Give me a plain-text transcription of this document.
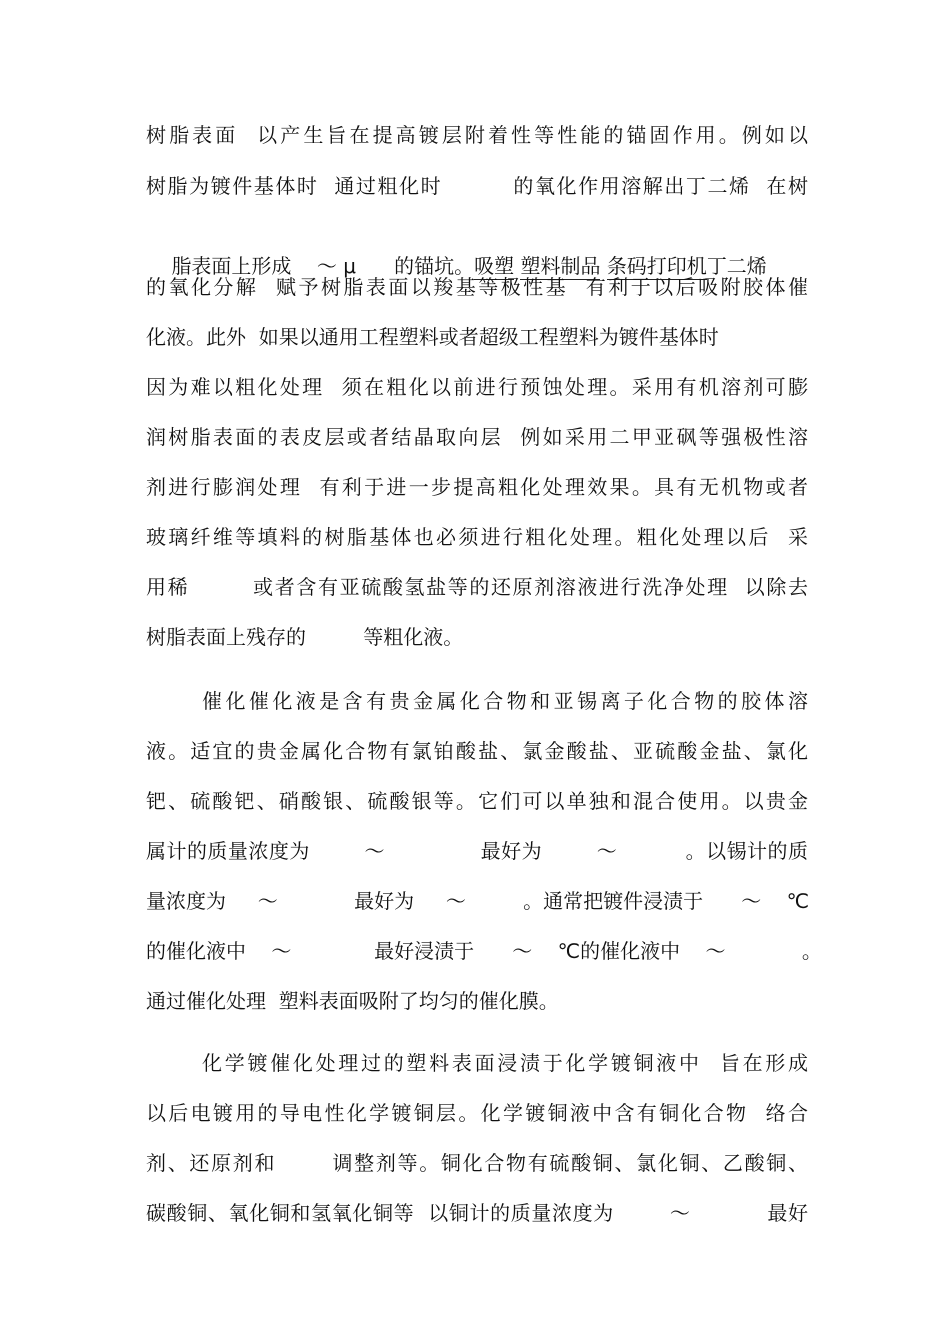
树脂表面  以产生旨在提高镀层附着性等性能的锚固作用。例如以
树脂为镀件基体时  通过粗化时         的氧化作用溶解出丁二烯  在树

脂表面上形成    ～ μ      的锚坑。吸塑 塑料制品 条码打印机丁二烯

的氧化分解  赋予树脂表面以羧基等极性基  有利于以后吸附胶体催
化液。此外  如果以通用工程塑料或者超级工程塑料为镀件基体时
因为难以粗化处理  须在粗化以前进行预蚀处理。采用有机溶剂可膨
润树脂表面的表皮层或者结晶取向层  例如采用二甲亚砜等强极性溶
剂进行膨润处理  有利于进一步提高粗化处理效果。具有无机物或者
玻璃纤维等填料的树脂基体也必须进行粗化处理。粗化处理以后  采
用稀        或者含有亚硫酸氢盐等的还原剂溶液进行洗净处理  以除去
树脂表面上残存的         等粗化液。
催化催化液是含有贵金属化合物和亚锡离子化合物的胶体溶
液。适宜的贵金属化合物有氯铂酸盐、氯金酸盐、亚硫酸金盐、氯化
钯、硫酸钯、硝酸银、硫酸银等。它们可以单独和混合使用。以贵金
属计的质量浓度为        ～              最好为        ～          。以锡计的质
量浓度为     ～            最好为     ～         。通常把镀件浸渍于      ～    ℃
的催化液中    ～             最好浸渍于      ～    ℃的催化液中    ～            。
通过催化处理  塑料表面吸附了均匀的催化膜。
化学镀催化处理过的塑料表面浸渍于化学镀铜液中  旨在形成
以后电镀用的导电性化学镀铜层。化学镀铜液中含有铜化合物  络合
剂、还原剂和       调整剂等。铜化合物有硫酸铜、氯化铜、乙酸铜、
碳酸铜、氧化铜和氢氧化铜等  以铜计的质量浓度为        ～           最好
